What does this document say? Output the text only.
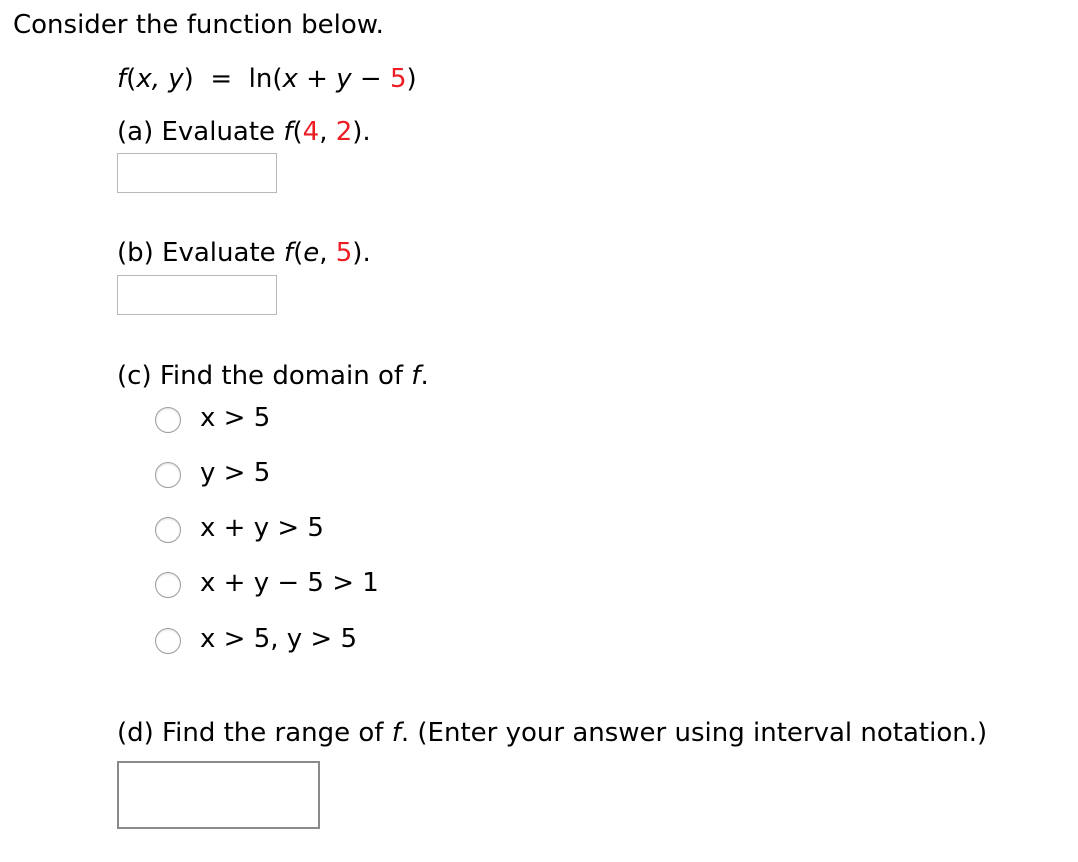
Consider the function below.
f(x, y)  = ln(x + y − 5)
(a) Evaluate f(4, 2).
(b) Evaluate f(e, 5).
(c) Find the domain of f.
x > 5
y > 5
x + y > 5
x + y − 5 > 1
x > 5, y > 5
(d) Find the range of f. (Enter your answer using interval notation.)
